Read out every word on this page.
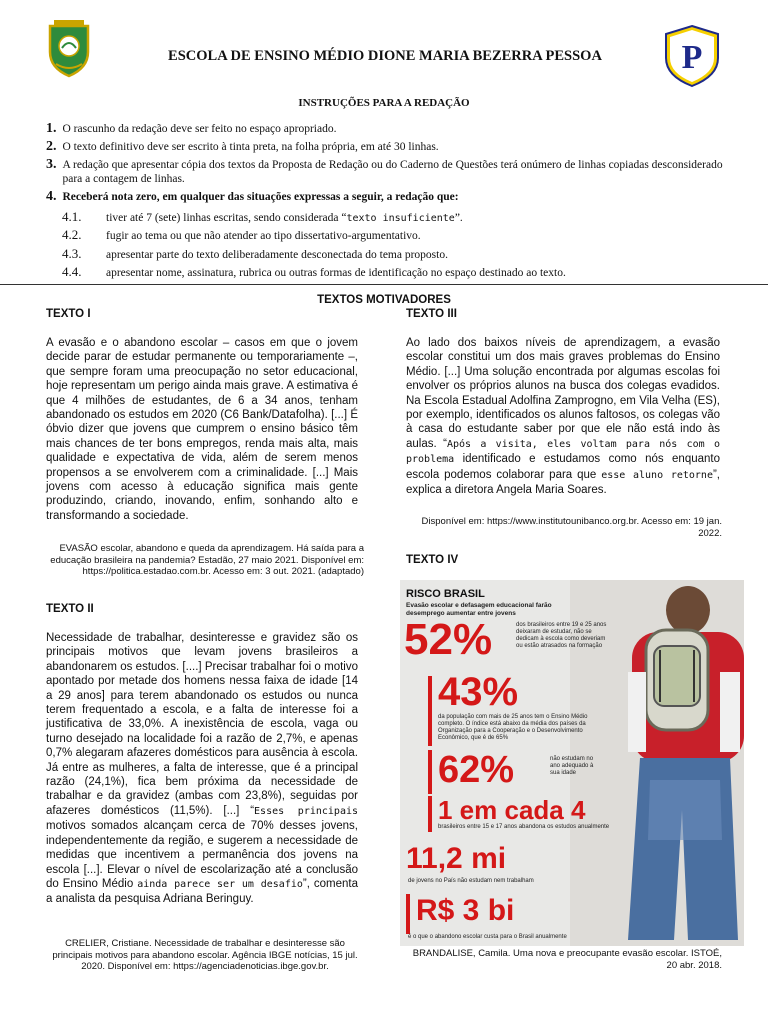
ESCOLA DE ENSINO MÉDIO DIONE MARIA BEZERRA PESSOA	P
INSTRUÇÕES PARA A REDAÇÃO
1. O rascunho da redação deve ser feito no espaço apropriado.
2. O texto definitivo deve ser escrito à tinta preta, na folha própria, em até 30 linhas.
3. A redação que apresentar cópia dos textos da Proposta de Redação ou do Caderno de Questões terá onúmero de linhas copiadas desconsiderado para a contagem de linhas.
4. Receberá nota zero, em qualquer das situações expressas a seguir, a redação que:
4.1. tiver até 7 (sete) linhas escritas, sendo considerada “texto insuficiente”.
4.2. fugir ao tema ou que não atender ao tipo dissertativo-argumentativo.
4.3. apresentar parte do texto deliberadamente desconectada do tema proposto.
4.4. apresentar nome, assinatura, rubrica ou outras formas de identificação no espaço destinado ao texto.
TEXTOS MOTIVADORES
TEXTO I
A evasão e o abandono escolar – casos em que o jovem decide parar de estudar permanente ou temporariamente –, que sempre foram uma preocupação no setor educacional, hoje representam um perigo ainda mais grave. A estimativa é que 4 milhões de estudantes, de 6 a 34 anos, tenham abandonado os estudos em 2020 (C6 Bank/Datafolha). [...] É óbvio dizer que jovens que cumprem o ensino básico têm mais chances de ter bons empregos, renda mais alta, mais qualidade e expectativa de vida, além de serem menos propensos a se envolverem com a criminalidade. [...] Mais jovens com acesso à educação significa mais gente produzindo, criando, inovando, enfim, sonhando alto e transformando a sociedade.
EVASÃO escolar, abandono e queda da aprendizagem. Há saída para a educação brasileira na pandemia? Estadão, 27 maio 2021. Disponível em: https://politica.estadao.com.br. Acesso em: 3 out. 2021. (adaptado)
TEXTO II
Necessidade de trabalhar, desinteresse e gravidez são os principais motivos que levam jovens brasileiros a abandonarem os estudos. [....] Precisar trabalhar foi o motivo apontado por metade dos homens nessa faixa de idade [14 a 29 anos] para terem abandonado os estudos ou nunca terem frequentado a escola, e a falta de interesse foi a justificativa de 33,0%. A inexistência de escola, vaga ou turno desejado na localidade foi a razão de 2,7%, e apenas 0,7% alegaram afazeres domésticos para ausência à escola. Já entre as mulheres, a falta de interesse, que é a principal razão (24,1%), fica bem próxima da necessidade de trabalhar e da gravidez (ambas com 23,8%), seguidas por afazeres domésticos (11,5%). [...] “Esses principais motivos somados alcançam cerca de 70% desses jovens, independentemente da região, e sugerem a necessidade de medidas que incentivem a permanência dos jovens na escola [...]. Elevar o nível de escolarização até a conclusão do Ensino Médio ainda parece ser um desafio”, comenta a analista da pesquisa Adriana Beringuy.
CRELIER, Cristiane. Necessidade de trabalhar e desinteresse são principais motivos para abandono escolar. Agência IBGE notícias, 15 jul. 2020. Disponível em: https://agenciadenoticias.ibge.gov.br.
TEXTO III
Ao lado dos baixos níveis de aprendizagem, a evasão escolar constitui um dos mais graves problemas do Ensino Médio. [...] Uma solução encontrada por algumas escolas foi envolver os próprios alunos na busca dos colegas evadidos. Na Escola Estadual Adolfina Zamprogno, em Vila Velha (ES), por exemplo, identificados os alunos faltosos, os colegas vão à casa do estudante saber por que ele não está indo às aulas. “Após a visita, eles voltam para nós com o problema identificado e estudamos como nós enquanto escola podemos colaborar para que esse aluno retorne”, explica a diretora Angela Maria Soares.
Disponível em: https://www.institutounibanco.org.br. Acesso em: 19 jan. 2022.
TEXTO IV
RISCO BRASIL
Evasão escolar e defasagem educacional farão desemprego aumentar entre jovens
52%	dos brasileiros entre 19 e 25 anos deixaram de estudar, não se dedicam à escola como deveriam ou estão atrasados na formação
43%
da população com mais de 25 anos tem o Ensino Médio completo. O índice está abaixo da média dos países da Organização para a Cooperação e o Desenvolvimento Econômico, que é de 65%
62%	não estudam no ano adequado à sua idade
1 em cada 4
brasileiros entre 15 e 17 anos abandona os estudos anualmente
11,2 mi
de jovens no País não estudam nem trabalham
R$ 3 bi
é o que o abandono escolar custa para o Brasil anualmente
BRANDALISE, Camila. Uma nova e preocupante evasão escolar. ISTOÉ, 20 abr. 2018.
